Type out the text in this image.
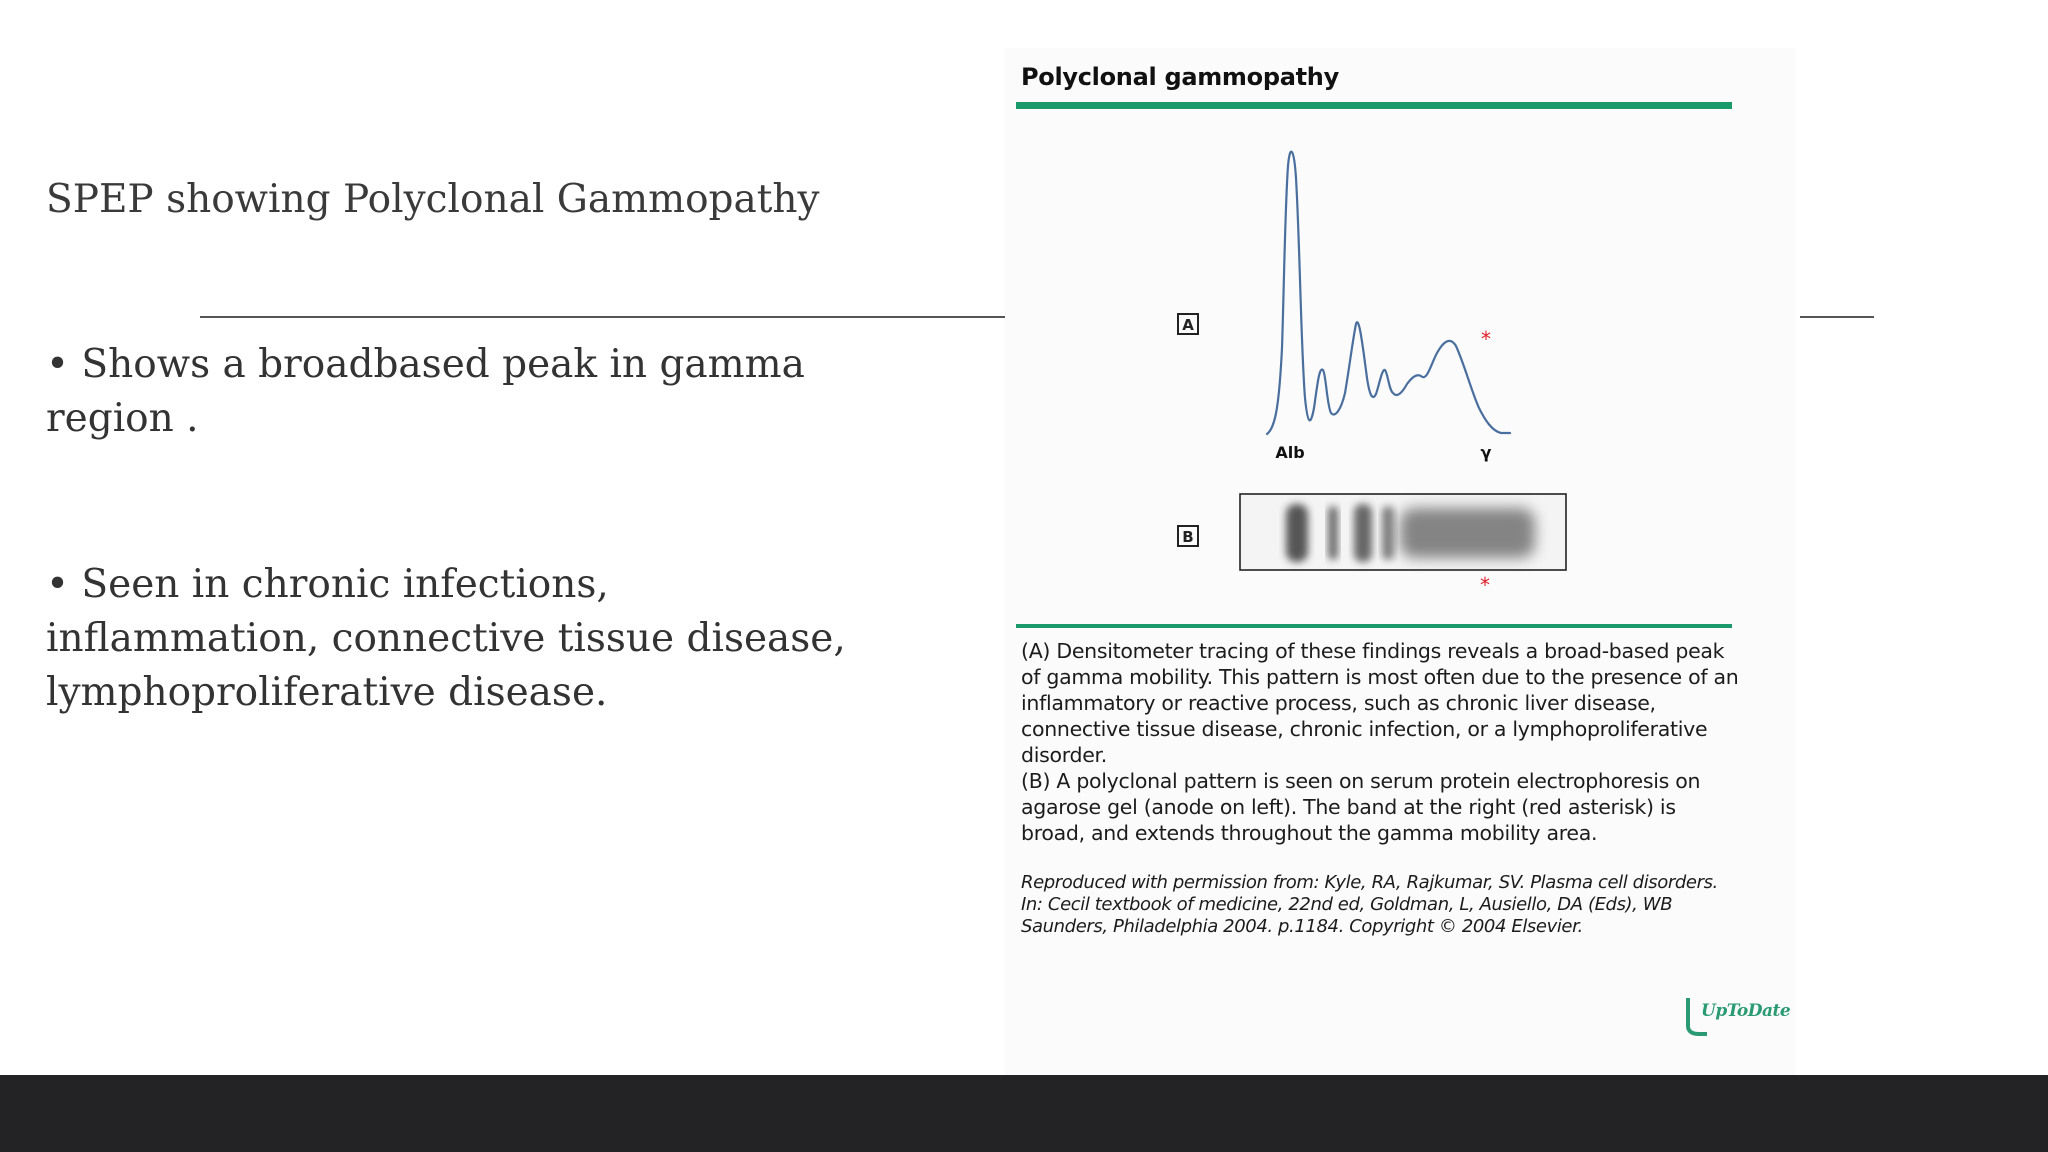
SPEP showing Polyclonal Gammopathy

• Shows a broadbased peak in gamma region .

• Seen in chronic infections, inflammation, connective tissue disease, lymphoproliferative disease.

Polyclonal gammopathy

A
*
Alb	γ
B
*

(A) Densitometer tracing of these findings reveals a broad-based peak of gamma mobility. This pattern is most often due to the presence of an inflammatory or reactive process, such as chronic liver disease, connective tissue disease, chronic infection, or a lymphoproliferative disorder.

(B) A polyclonal pattern is seen on serum protein electrophoresis on agarose gel (anode on left). The band at the right (red asterisk) is broad, and extends throughout the gamma mobility area.

Reproduced with permission from: Kyle, RA, Rajkumar, SV. Plasma cell disorders. In: Cecil textbook of medicine, 22nd ed, Goldman, L, Ausiello, DA (Eds), WB Saunders, Philadelphia 2004. p.1184. Copyright © 2004 Elsevier.

UpToDate
